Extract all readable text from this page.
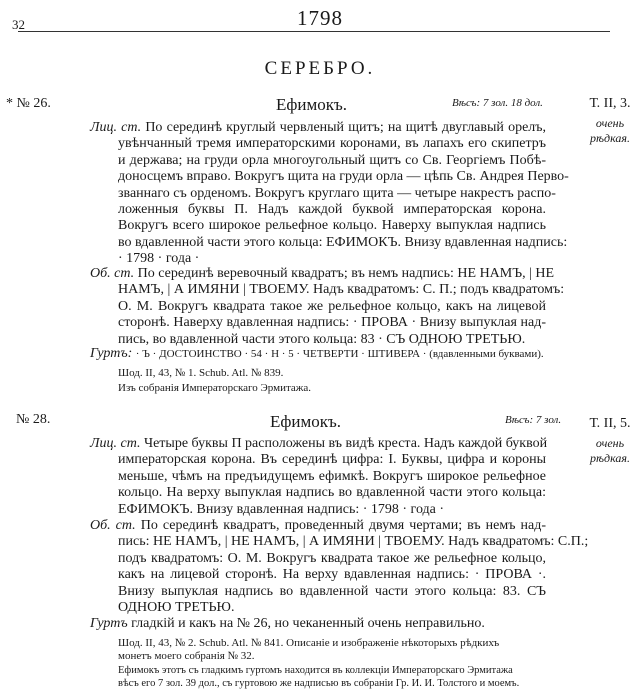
32	1798
СЕРЕБРО.
* № 26.	Ефимокъ.	Вѣсъ: 7 зол. 18 дол.	Т. II, 3.
очень
рѣдкая.
Лиц. ст. По серединѣ круглый червленый щитъ; на щитѣ двуглавый орелъ,
увѣнчанный тремя императорскими коронами, въ лапахъ его скипетръ
и держава; на груди орла многоугольный щитъ со Св. Георгіемъ Побѣ-
доносцемъ вправо. Вокругъ щита на груди орла — цѣпь Св. Андрея Перво-
званнаго съ орденомъ. Вокругъ круглаго щита — четыре накрестъ распо-
ложенныя буквы П. Надъ каждой буквой императорская корона.
Вокругъ всего широкое рельефное кольцо. Наверху выпуклая надпись
во вдавленной части этого кольца: ЕФИМОКЪ. Внизу вдавленная надпись:
· 1798 · года ·
Об. ст. По серединѣ веревочный квадратъ; въ немъ надпись: НЕ НАМЪ, | НЕ
НАМЪ, | А ИМЯНИ | ТВОЕМУ. Надъ квадратомъ: С. П.; подъ квадратомъ:
О. М. Вокругъ квадрата такое же рельефное кольцо, какъ на лицевой
сторонѣ. Наверху вдавленная надпись: · ПРОВА · Внизу выпуклая над-
пись, во вдавленной части этого кольца: 83 · СЪ ОДНОЮ ТРЕТЬЮ.
Гуртъ: · Ъ · ДОСТОИНСТВО · 54 · Н · 5 · ЧЕТВЕРТИ · ШТИВЕРА · (вдавленными буквами).
Шод. II, 43, № 1. Schub. Atl. № 839.
Изъ собранія Императорскаго Эрмитажа.
№ 28.	Ефимокъ.	Вѣсъ: 7 зол.	Т. II, 5.
очень
рѣдкая.
Лиц. ст. Четыре буквы П расположены въ видѣ креста. Надъ каждой буквой
императорская корона. Въ серединѣ цифра: I. Буквы, цифра и короны
меньше, чѣмъ на предъидущемъ ефимкѣ. Вокругъ широкое рельефное
кольцо. На верху выпуклая надпись во вдавленной части этого кольца:
ЕФИМОКЪ. Внизу вдавленная надпись: · 1798 · года ·
Об. ст. По серединѣ квадратъ, проведенный двумя чертами; въ немъ над-
пись: НЕ НАМЪ, | НЕ НАМЪ, | А ИМЯНИ | ТВОЕМУ. Надъ квадратомъ: С.П.;
подъ квадратомъ: О. М. Вокругъ квадрата такое же рельефное кольцо,
какъ на лицевой сторонѣ. На верху вдавленная надпись: · ПРОВА ·.
Внизу выпуклая надпись во вдавленной части этого кольца: 83. СЪ
ОДНОЮ ТРЕТЬЮ.
Гуртъ гладкій и какъ на № 26, но чеканенный очень неправильно.
Шод. II, 43, № 2. Schub. Atl. № 841. Описаніе и изображеніе нѣкоторыхъ рѣдкихъ
монетъ моего собранія № 32.
Ефимокъ этотъ съ гладкимъ гуртомъ находится въ коллекціи Императорскаго Эрмитажа
вѣсъ его 7 зол. 39 дол., съ гуртовою же надписью въ собраніи Гр. И. И. Толстого и моемъ.
